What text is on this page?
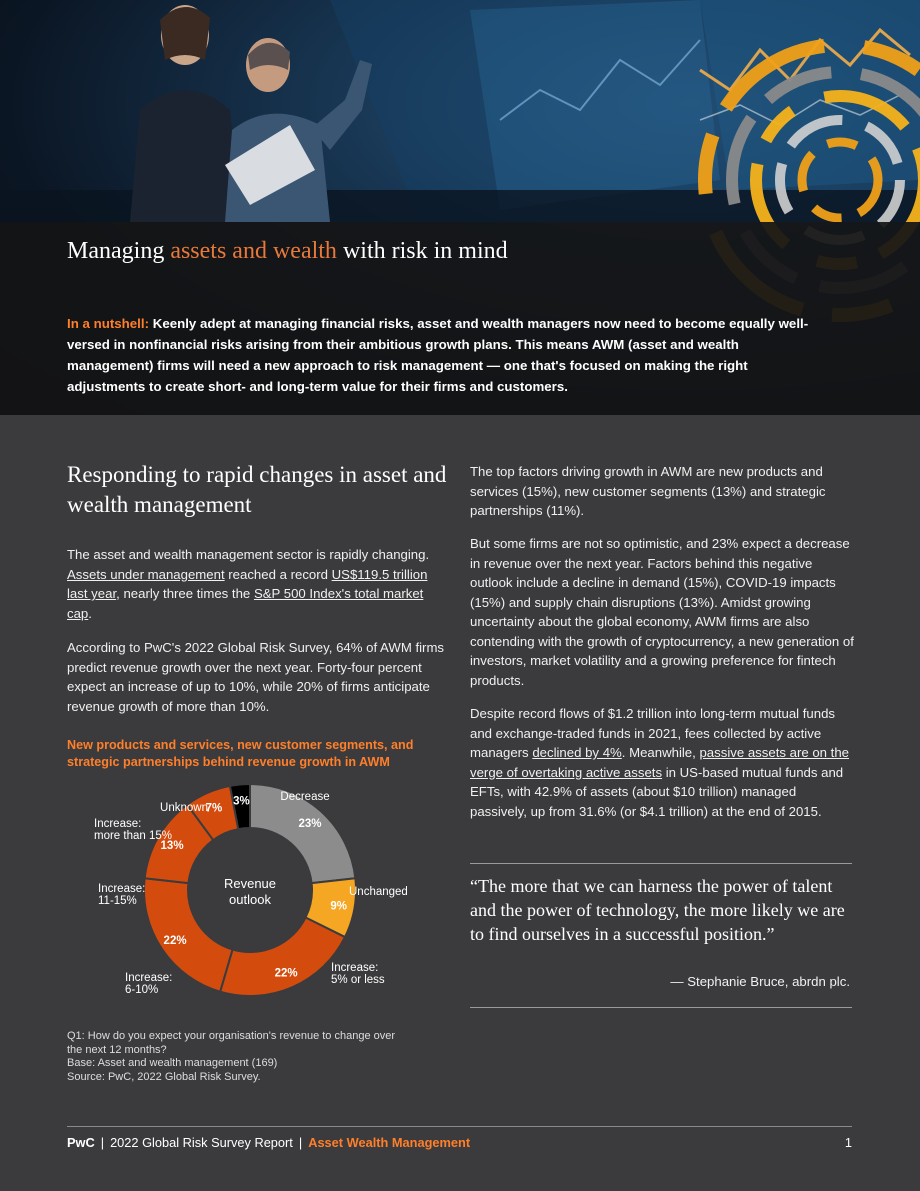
Managing assets and wealth with risk in mind
In a nutshell: Keenly adept at managing financial risks, asset and wealth managers now need to become equally well-versed in nonfinancial risks arising from their ambitious growth plans. This means AWM (asset and wealth management) firms will need a new approach to risk management — one that's focused on making the right adjustments to create short- and long-term value for their firms and customers.
Responding to rapid changes in asset and wealth management
The asset and wealth management sector is rapidly changing. Assets under management reached a record US$119.5 trillion last year, nearly three times the S&P 500 Index's total market cap.
According to PwC's 2022 Global Risk Survey, 64% of AWM firms predict revenue growth over the next year. Forty-four percent expect an increase of up to 10%, while 20% of firms anticipate revenue growth of more than 10%.
New products and services, new customer segments, and strategic partnerships behind revenue growth in AWM
23%
Decrease
9%
Unchanged
22%	Increase: 5% or less
22%
Increase: 6-10%
13%
Increase: 11-15%
7%
Increase: more than 15%
3%
Unknown
Revenue outlook
Q1: How do you expect your organisation's revenue to change over the next 12 months?
Base: Asset and wealth management (169)
Source: PwC, 2022 Global Risk Survey.
The top factors driving growth in AWM are new products and services (15%), new customer segments (13%) and strategic partnerships (11%).
But some firms are not so optimistic, and 23% expect a decrease in revenue over the next year. Factors behind this negative outlook include a decline in demand (15%), COVID-19 impacts (15%) and supply chain disruptions (13%). Amidst growing uncertainty about the global economy, AWM firms are also contending with the growth of cryptocurrency, a new generation of investors, market volatility and a growing preference for fintech products.
Despite record flows of $1.2 trillion into long-term mutual funds and exchange-traded funds in 2021, fees collected by active managers declined by 4%. Meanwhile, passive assets are on the verge of overtaking active assets in US-based mutual funds and EFTs, with 42.9% of assets (about $10 trillion) managed passively, up from 31.6% (or $4.1 trillion) at the end of 2015.
“The more that we can harness the power of talent and the power of technology, the more likely we are to find ourselves in a successful position.”
— Stephanie Bruce, abrdn plc.
PwC | 2022 Global Risk Survey Report | Asset Wealth Management	1
